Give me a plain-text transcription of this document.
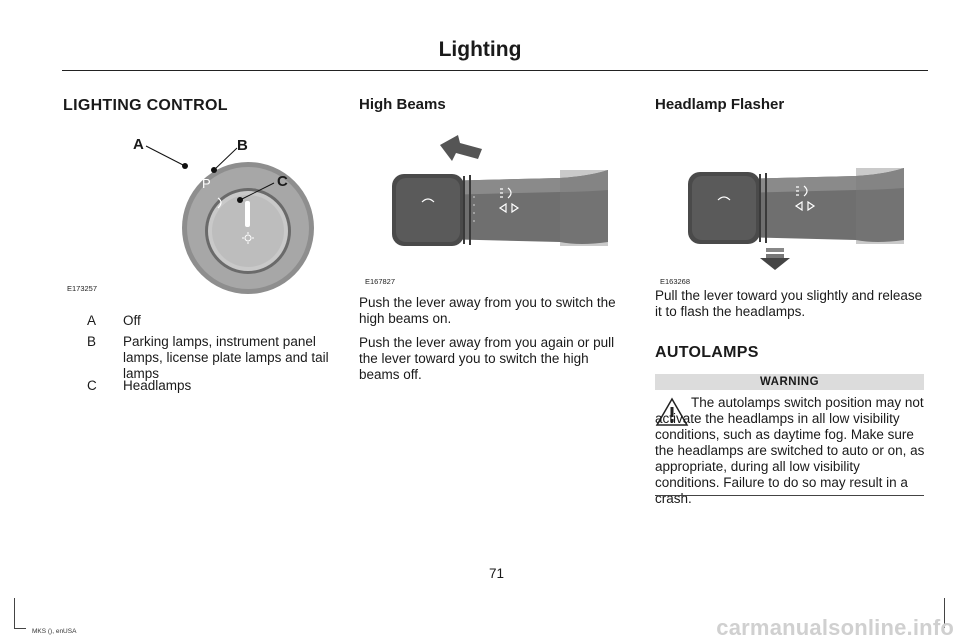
Lighting
LIGHTING CONTROL
P
A	B
C
E173257
A Off
B Parking lamps, instrument panel lamps, license plate lamps and tail lamps
C Headlamps
High Beams
E167827
Push the lever away from you to switch the high beams on.
Push the lever away from you again or pull the lever toward you to switch the high beams off.
Headlamp Flasher
E163268
Pull the lever toward you slightly and release it to flash the headlamps.
AUTOLAMPS
WARNING
The autolamps switch position may not activate the headlamps in all low visibility conditions, such as daytime fog. Make sure the headlamps are switched to auto or on, as appropriate, during all low visibility conditions. Failure to do so may result in a crash.
71
MKS (), enUSA	carmanualsonline.info
